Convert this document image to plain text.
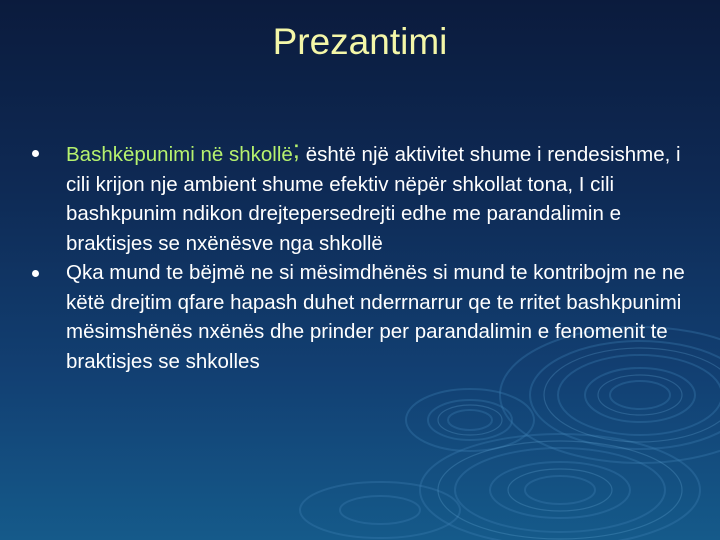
Prezantimi
Bashkëpunimi në shkollë; është një aktivitet shume i rendesishme, i cili krijon nje ambient shume efektiv nëpër shkollat tona, I cili bashkpunim ndikon drejtepersedrejti edhe me parandalimin e braktisjes se nxënësve nga shkollë
Qka mund te bëjmë ne si mësimdhënës si mund te kontribojm ne ne këtë drejtim qfare hapash duhet nderrnarrur qe te rritet bashkpunimi mësimshënës nxënës dhe prinder per parandalimin e fenomenit te braktisjes se shkolles
